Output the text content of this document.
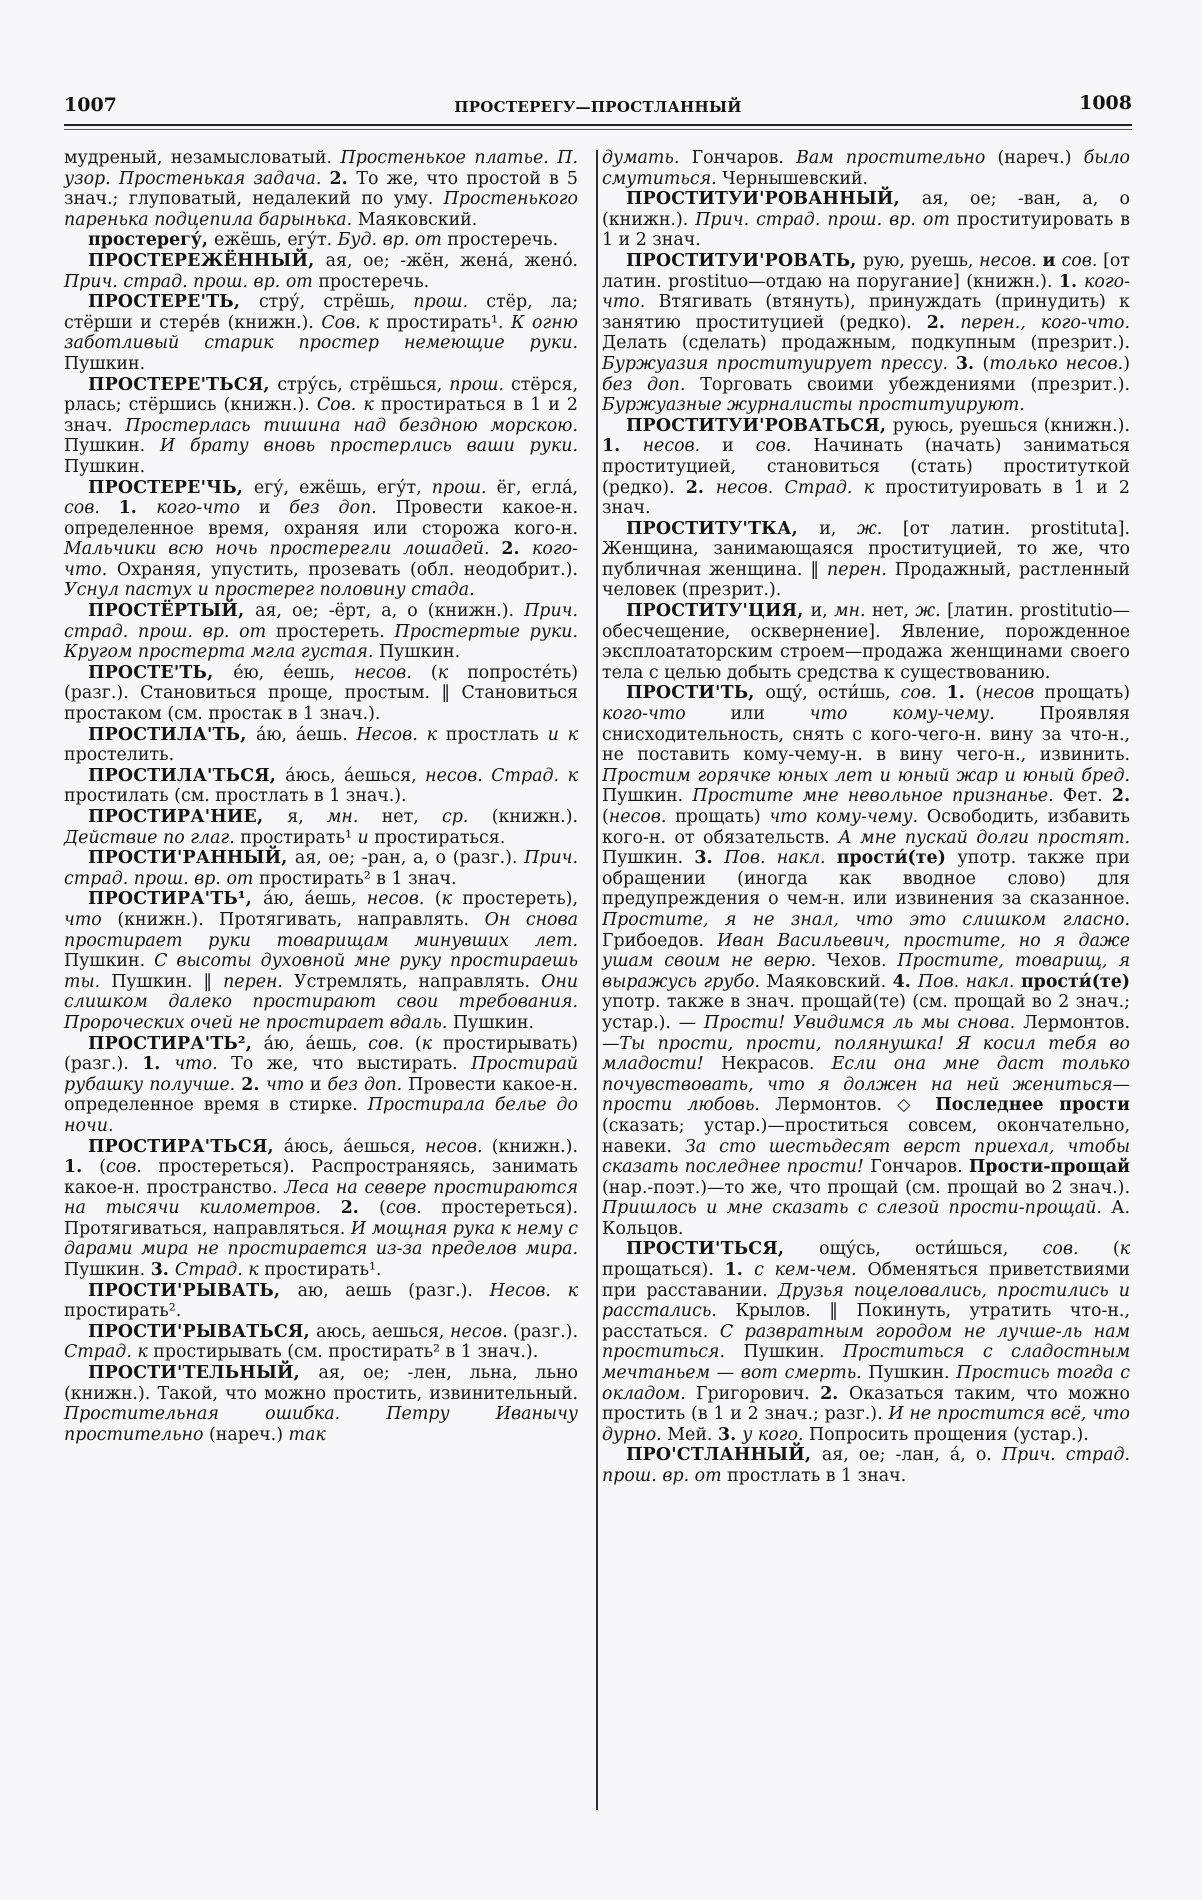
1007	ПРОСТЕРЕГУ—ПРОСТЛАННЫЙ	1008

мудреный, незамысловатый. Простенькое платье. П. узор. Простенькая задача. 2. То же, что простой в 5 знач.; глуповатый, недалекий по уму. Простенького паренька подцепила барынька. Маяковский.

простерегу́, ежёшь, егу́т. Буд. вр. от простеречь.

ПРОСТЕРЕЖЁННЫЙ, ая, ое; -жён, жена́, женó. Прич. страд. прош. вр. от простеречь.

ПРОСТЕРЕ'ТЬ, стру́, стрёшь, прош. стёр, ла; стёрши и стере́в (книжн.). Сов. к простирать¹. К огню заботливый старик простер немеющие руки. Пушкин.

ПРОСТЕРЕ'ТЬСЯ, стру́сь, стрёшься, прош. стёрся, рлась; стёршись (книжн.). Сов. к простираться в 1 и 2 знач. Простерлась тишина над бездною морскою. Пушкин. И брату вновь простерлись ваши руки. Пушкин.

ПРОСТЕРЕ'ЧЬ, егу́, ежёшь, егу́т, прош. ёг, егла́, сов. 1. кого-что и без доп. Провести какое-н. определенное время, охраняя или сторожа кого-н. Мальчики всю ночь простерегли лошадей. 2. кого-что. Охраняя, упустить, прозевать (обл. неодобрит.). Уснул пастух и простерег половину стада.

ПРОСТЁРТЫЙ, ая, ое; -ёрт, а, о (книжн.). Прич. страд. прош. вр. от простереть. Простертые руки. Кругом простерта мгла густая. Пушкин.

ПРОСТЕ'ТЬ, е́ю, е́ешь, несов. (к попросте́ть) (разг.). Становиться проще, простым. ‖ Становиться простаком (см. простак в 1 знач.).

ПРОСТИЛА'ТЬ, а́ю, а́ешь. Несов. к простлать и к простелить.

ПРОСТИЛА'ТЬСЯ, а́юсь, а́ешься, несов. Страд. к простилать (см. простлать в 1 знач.).

ПРОСТИРА'НИЕ, я, мн. нет, ср. (книжн.). Действие по глаг. простирать¹ и простираться.

ПРОСТИ'РАННЫЙ, ая, ое; -ран, а, о (разг.). Прич. страд. прош. вр. от простирать² в 1 знач.

ПРОСТИРА'ТЬ¹, а́ю, а́ешь, несов. (к простереть), что (книжн.). Протягивать, направлять. Он снова простирает руки товарищам минувших лет. Пушкин. С высоты духовной мне руку простираешь ты. Пушкин. ‖ перен. Устремлять, направлять. Они слишком далеко простирают свои требования. Пророческих очей не простирает вдаль. Пушкин.

ПРОСТИРА'ТЬ², а́ю, а́ешь, сов. (к простирывать) (разг.). 1. что. То же, что выстирать. Простирай рубашку получше. 2. что и без доп. Провести какое-н. определенное время в стирке. Простирала белье до ночи.

ПРОСТИРА'ТЬСЯ, а́юсь, а́ешься, несов. (книжн.). 1. (сов. простереться). Распространяясь, занимать какое-н. пространство. Леса на севере простираются на тысячи километров. 2. (сов. простереться). Протягиваться, направляться. И мощная рука к нему с дарами мира не простирается из-за пределов мира. Пушкин. 3. Страд. к простирать¹.

ПРОСТИ'РЫВАТЬ, аю, аешь (разг.). Несов. к простирать².

ПРОСТИ'РЫВАТЬСЯ, аюсь, аешься, несов. (разг.). Страд. к простирывать (см. простирать² в 1 знач.).

ПРОСТИ'ТЕЛЬНЫЙ, ая, ое; -лен, льна, льно (книжн.). Такой, что можно простить, извинительный. Простительная ошибка. Петру Иванычу простительно (нареч.) так

думать. Гончаров. Вам простительно (нареч.) было смутиться. Чернышевский.

ПРОСТИТУИ'РОВАННЫЙ, ая, ое; -ван, а, о (книжн.). Прич. страд. прош. вр. от проституировать в 1 и 2 знач.

ПРОСТИТУИ'РОВАТЬ, рую, руешь, несов. и сов. [от латин. prostituo—отдаю на поругание] (книжн.). 1. кого-что. Втягивать (втянуть), принуждать (принудить) к занятию проституцией (редко). 2. перен., кого-что. Делать (сделать) продажным, подкупным (презрит.). Буржуазия проституирует прессу. 3. (только несов.) без доп. Торговать своими убеждениями (презрит.). Буржуазные журналисты проституируют.

ПРОСТИТУИ'РОВАТЬСЯ, руюсь, руешься (книжн.). 1. несов. и сов. Начинать (начать) заниматься проституцией, становиться (стать) проституткой (редко). 2. несов. Страд. к проституировать в 1 и 2 знач.

ПРОСТИТУ'ТКА, и, ж. [от латин. prostituta]. Женщина, занимающаяся проституцией, то же, что публичная женщина. ‖ перен. Продажный, растленный человек (презрит.).

ПРОСТИТУ'ЦИЯ, и, мн. нет, ж. [латин. prostitutio—обесчещение, осквернение]. Явление, порожденное эксплоататорским строем—продажа женщинами своего тела с целью добыть средства к существованию.

ПРОСТИ'ТЬ, ощу́, ости́шь, сов. 1. (несов прощать) кого-что или что кому-чему. Проявляя снисходительность, снять с кого-чего-н. вину за что-н., не поставить кому-чему-н. в вину чего-н., извинить. Простим горячке юных лет и юный жар и юный бред. Пушкин. Простите мне невольное признанье. Фет. 2. (несов. прощать) что кому-чему. Освободить, избавить кого-н. от обязательств. А мне пускай долги простят. Пушкин. 3. Пов. накл. прости́(те) употр. также при обращении (иногда как вводное слово) для предупреждения о чем-н. или извинения за сказанное. Простите, я не знал, что это слишком гласно. Грибоедов. Иван Васильевич, простите, но я даже ушам своим не верю. Чехов. Простите, товарищ, я выражусь грубо. Маяковский. 4. Пов. накл. прости́(те) употр. также в знач. прощай(те) (см. прощай во 2 знач.; устар.). — Прости! Увидимся ль мы снова. Лермонтов.—Ты прости, прости, полянушка! Я косил тебя во младости! Некрасов. Если она мне даст только почувствовать, что я должен на ней жениться—прости любовь. Лермонтов. ◇ Последнее прости (сказать; устар.)—проститься совсем, окончательно, навеки. За сто шестьдесят верст приехал, чтобы сказать последнее прости! Гончаров. Прости-прощай (нар.-поэт.)—то же, что прощай (см. прощай во 2 знач.). Пришлось и мне сказать с слезой прости-прощай. А. Кольцов.

ПРОСТИ'ТЬСЯ, ощу́сь, ости́шься, сов. (к прощаться). 1. с кем-чем. Обменяться приветствиями при расставании. Друзья поцеловались, простились и расстались. Крылов. ‖ Покинуть, утратить что-н., расстаться. С развратным городом не лучше-ль нам проститься. Пушкин. Проститься с сладостным мечтаньем — вот смерть. Пушкин. Простись тогда с окладом. Григорович. 2. Оказаться таким, что можно простить (в 1 и 2 знач.; разг.). И не простится всё, что дурно. Мей. 3. у кого. Попросить прощения (устар.).

ПРО'СТЛАННЫЙ, ая, ое; -лан, а́, о. Прич. страд. прош. вр. от простлать в 1 знач.
